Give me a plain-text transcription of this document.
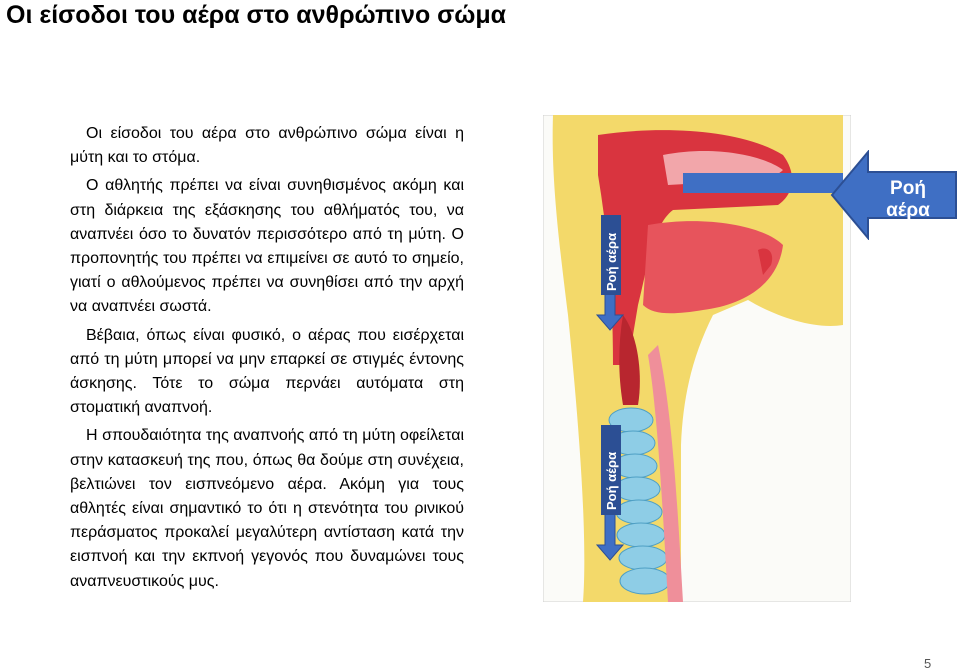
Οι είσοδοι του αέρα στο ανθρώπινο σώμα

Οι είσοδοι του αέρα στο ανθρώπινο σώμα είναι η μύτη και το στόμα.

Ο αθλητής πρέπει να είναι συνηθισμένος ακόμη και στη διάρκεια της εξάσκησης του αθλήματός του, να αναπνέει όσο το δυνατόν περισσότερο από τη μύτη. Ο προπονητής του πρέπει να επιμείνει σε αυτό το σημείο, γιατί ο αθλούμενος πρέπει να συνηθίσει από την αρχή να αναπνέει σωστά.

Βέβαια, όπως είναι φυσικό, ο αέρας που εισέρχεται από τη μύτη μπορεί να μην επαρκεί σε στιγμές έντονης άσκησης. Τότε το σώμα περνάει αυτόματα στη στοματική αναπνοή.

Η σπουδαιότητα της αναπνοής από τη μύτη οφείλεται στην κατασκευή της που, όπως θα δούμε στη συνέχεια, βελτιώνει τον εισπνεόμενο αέρα. Ακόμη για τους αθλητές είναι σημαντικό το ότι η στενότητα του ρινικού περάσματος προκαλεί μεγαλύτερη αντίσταση κατά την εισπνοή και την εκπνοή γεγονός που δυναμώνει τους αναπνευστικούς μυς.

Ροή αέρα
Ροή αέρα
Ροή
αέρα
5
